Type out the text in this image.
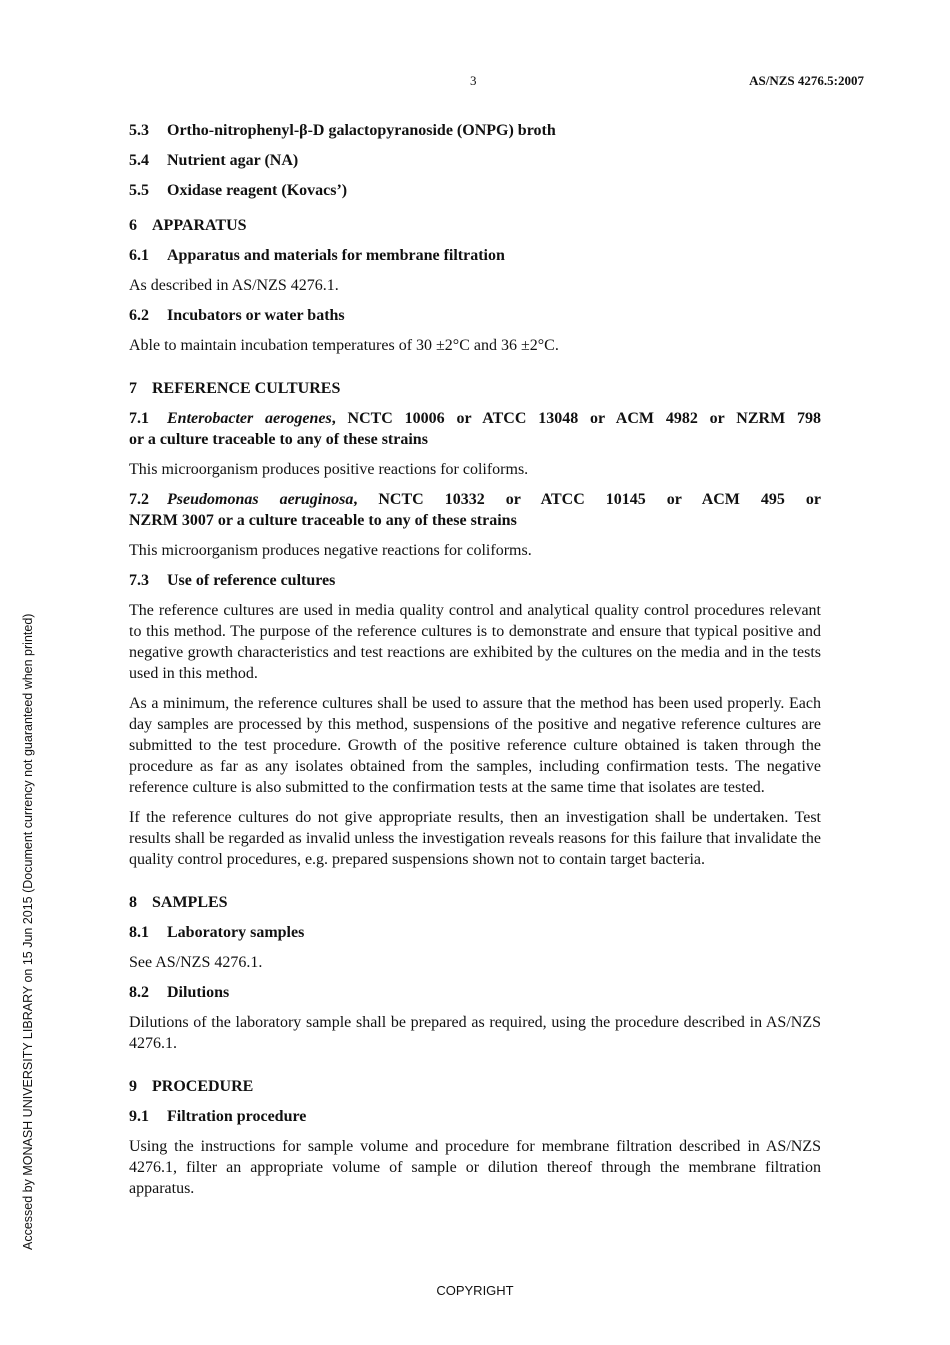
3	AS/NZS 4276.5:2007
Accessed by MONASH UNIVERSITY LIBRARY on 15 Jun 2015 (Document currency not guaranteed when printed)
5.3 Ortho-nitrophenyl-β-D galactopyranoside (ONPG) broth
5.4 Nutrient agar (NA)
5.5 Oxidase reagent (Kovacs’)
6 APPARATUS
6.1 Apparatus and materials for membrane filtration

As described in AS/NZS 4276.1.

6.2 Incubators or water baths

Able to maintain incubation temperatures of 30 ±2°C and 36 ±2°C.

7 REFERENCE CULTURES
7.1 Enterobacter aerogenes, NCTC 10006 or ATCC 13048 or ACM 4982 or NZRM 798
or a culture traceable to any of these strains

This microorganism produces positive reactions for coliforms.

7.2 Pseudomonas aeruginosa, NCTC 10332 or ATCC 10145 or ACM 495 or
NZRM 3007 or a culture traceable to any of these strains

This microorganism produces negative reactions for coliforms.

7.3 Use of reference cultures

The reference cultures are used in media quality control and analytical quality control procedures relevant to this method. The purpose of the reference cultures is to demonstrate and ensure that typical positive and negative growth characteristics and test reactions are exhibited by the cultures on the media and in the tests used in this method.

As a minimum, the reference cultures shall be used to assure that the method has been used properly. Each day samples are processed by this method, suspensions of the positive and negative reference cultures are submitted to the test procedure. Growth of the positive reference culture obtained is taken through the procedure as far as any isolates obtained from the samples, including confirmation tests. The negative reference culture is also submitted to the confirmation tests at the same time that isolates are tested.

If the reference cultures do not give appropriate results, then an investigation shall be undertaken. Test results shall be regarded as invalid unless the investigation reveals reasons for this failure that invalidate the quality control procedures, e.g. prepared suspensions shown not to contain target bacteria.

8 SAMPLES
8.1 Laboratory samples

See AS/NZS 4276.1.

8.2 Dilutions

Dilutions of the laboratory sample shall be prepared as required, using the procedure described in AS/NZS 4276.1.

9 PROCEDURE
9.1 Filtration procedure

Using the instructions for sample volume and procedure for membrane filtration described in AS/NZS 4276.1, filter an appropriate volume of sample or dilution thereof through the membrane filtration apparatus.

COPYRIGHT
